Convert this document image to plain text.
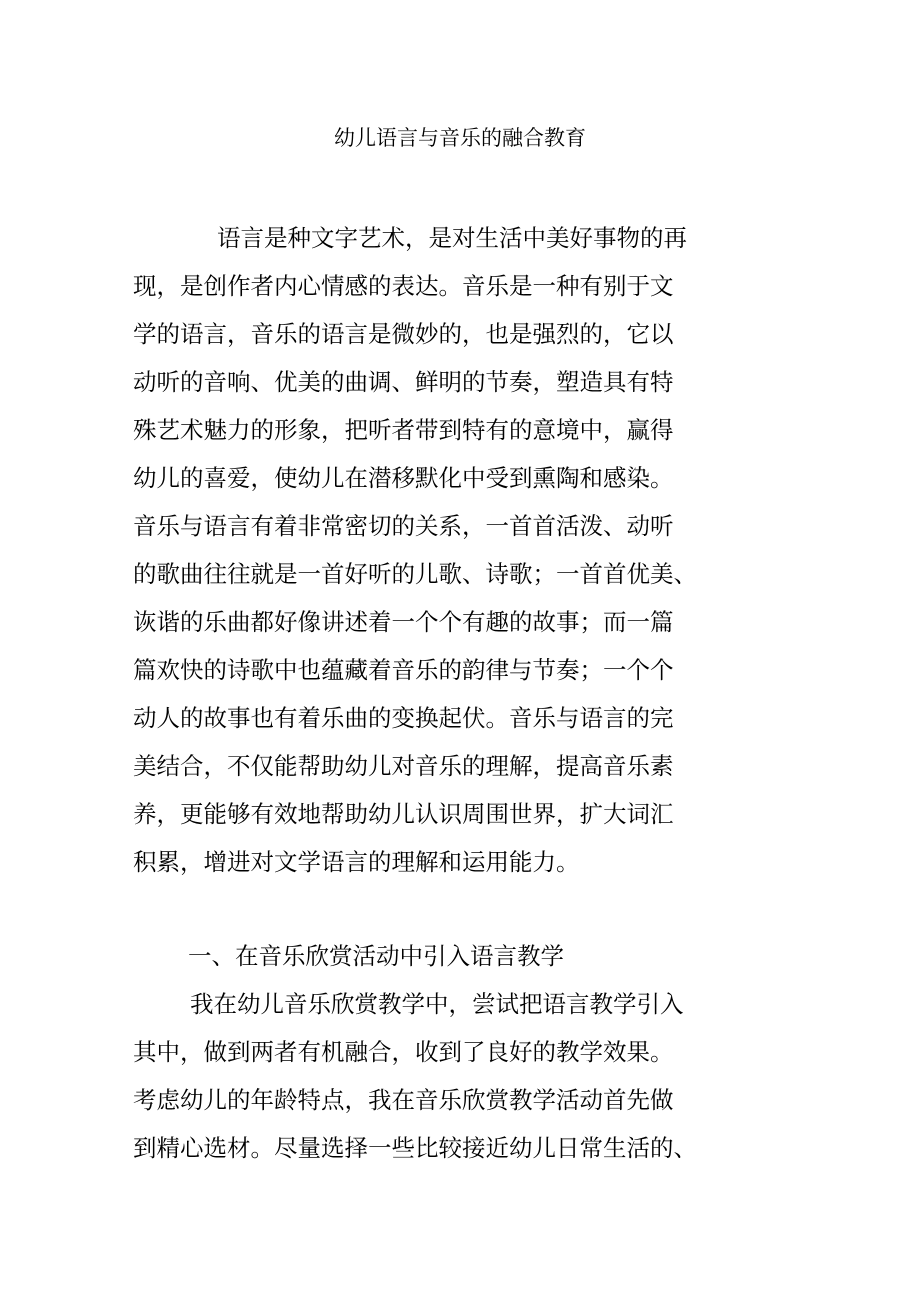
幼儿语言与音乐的融合教育
语言是种文字艺术，是对生活中美好事物的再
现，是创作者内心情感的表达。音乐是一种有别于文
学的语言，音乐的语言是微妙的，也是强烈的，它以
动听的音响、优美的曲调、鲜明的节奏，塑造具有特
殊艺术魅力的形象，把听者带到特有的意境中，赢得
幼儿的喜爱，使幼儿在潜移默化中受到熏陶和感染。
音乐与语言有着非常密切的关系，一首首活泼、动听
的歌曲往往就是一首好听的儿歌、诗歌；一首首优美、
诙谐的乐曲都好像讲述着一个个有趣的故事；而一篇
篇欢快的诗歌中也蕴藏着音乐的韵律与节奏；一个个
动人的故事也有着乐曲的变换起伏。音乐与语言的完
美结合，不仅能帮助幼儿对音乐的理解，提高音乐素
养，更能够有效地帮助幼儿认识周围世界，扩大词汇
积累，增进对文学语言的理解和运用能力。
一、在音乐欣赏活动中引入语言教学
我在幼儿音乐欣赏教学中，尝试把语言教学引入
其中，做到两者有机融合，收到了良好的教学效果。
考虑幼儿的年龄特点，我在音乐欣赏教学活动首先做
到精心选材。尽量选择一些比较接近幼儿日常生活的、
